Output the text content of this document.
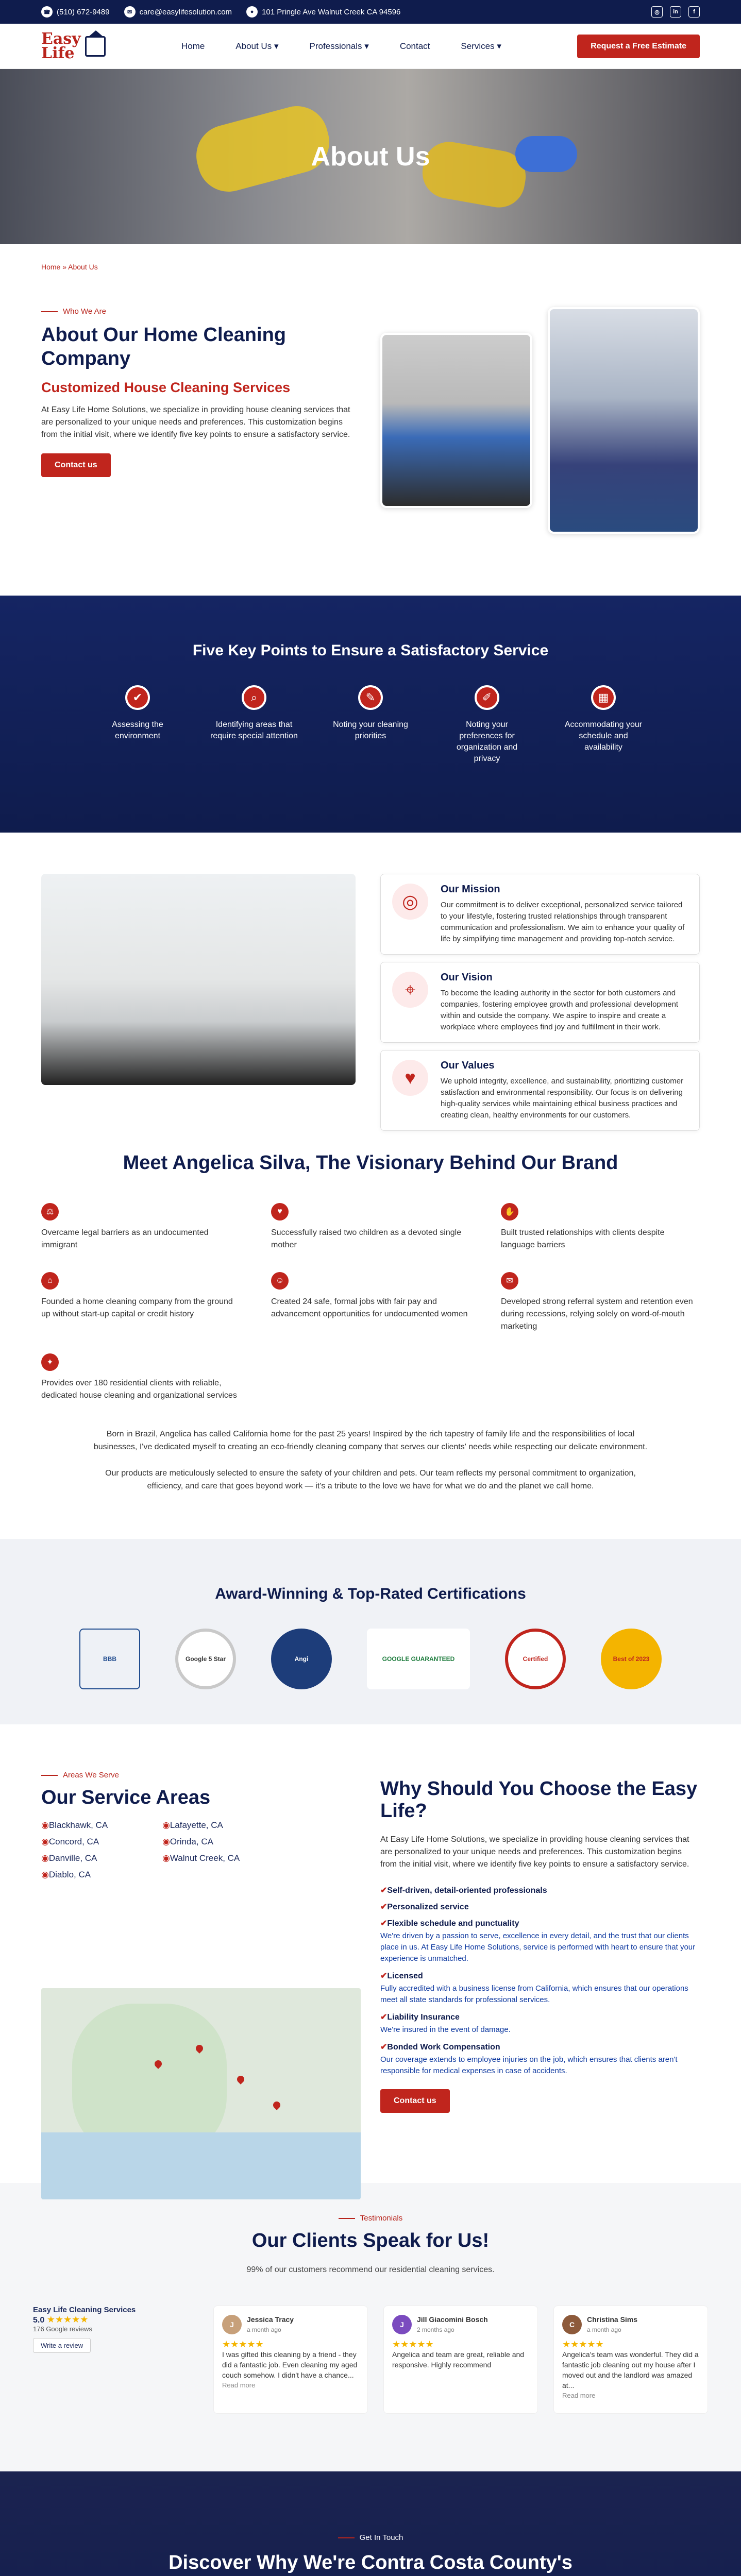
☎ (510) 672-9489	✉ care@easylifesolution.com	●	101 Pringle Ave Walnut Creek CA 94596	◎	in	f
Easy
Life	Home	About Us ▾	Professionals ▾	Contact	Services ▾	Request a Free Estimate
About Us
Home » About Us
Who We Are
About Our Home Cleaning Company
Customized House Cleaning Services

At Easy Life Home Solutions, we specialize in providing house cleaning services that are personalized to your unique needs and preferences. This customization begins from the initial visit, where we identify five key points to ensure a satisfactory service.

Contact us
Five Key Points to Ensure a Satisfactory Service
✔
Assessing the environment
⌕
Identifying areas that require special attention
✎
Noting your cleaning priorities
✐
Noting your preferences for organization and privacy
▦
Accommodating your schedule and availability
◎
Our Mission

Our commitment is to deliver exceptional, personalized service tailored to your lifestyle, fostering trusted relationships through transparent communication and professionalism. We aim to enhance your quality of life by simplifying time management and providing top-notch service.

⌖
Our Vision

To become the leading authority in the sector for both customers and companies, fostering employee growth and professional development within and outside the company. We aspire to inspire and create a workplace where employees find joy and fulfillment in their work.

♥
Our Values

We uphold integrity, excellence, and sustainability, prioritizing customer satisfaction and environmental responsibility. Our focus is on delivering high-quality services while maintaining ethical business practices and creating clean, healthy environments for our customers.

Meet Angelica Silva, The Visionary Behind Our Brand
⚖

Overcame legal barriers as an undocumented immigrant

♥

Successfully raised two children as a devoted single mother

✋

Built trusted relationships with clients despite language barriers

⌂

Founded a home cleaning company from the ground up without start-up capital or credit history

☺

Created 24 safe, formal jobs with fair pay and advancement opportunities for undocumented women

✉

Developed strong referral system and retention even during recessions, relying solely on word-of-mouth marketing

✦

Provides over 180 residential clients with reliable, dedicated house cleaning and organizational services

Born in Brazil, Angelica has called California home for the past 25 years! Inspired by the rich tapestry of family life and the responsibilities of local businesses, I've dedicated myself to creating an eco-friendly cleaning company that serves our clients' needs while respecting our delicate environment.

Our products are meticulously selected to ensure the safety of your children and pets. Our team reflects my personal commitment to organization, efficiency, and care that goes beyond work — it's a tribute to the love we have for what we do and the planet we call home.

Award-Winning & Top-Rated Certifications
BBB	Google 5 Star	Angi	GOOGLE GUARANTEED	Certified	Best of 2023
Areas We Serve
Our Service Areas
◉ Blackhawk, CA	◉ Lafayette, CA
◉ Concord, CA	◉ Orinda, CA
◉ Danville, CA	◉ Walnut Creek, CA
◉ Diablo, CA
Why Should You Choose the Easy Life?

At Easy Life Home Solutions, we specialize in providing house cleaning services that are personalized to your unique needs and preferences. This customization begins from the initial visit, where we identify five key points to ensure a satisfactory service.

✔ Self-driven, detail-oriented professionals
✔ Personalized service
✔ Flexible schedule and punctuality
We're driven by a passion to serve, excellence in every detail, and the trust that our clients place in us. At Easy Life Home Solutions, service is performed with heart to ensure that your experience is unmatched.
✔ Licensed
Fully accredited with a business license from California, which ensures that our operations meet all state standards for professional services.
✔ Liability Insurance
We're insured in the event of damage.
✔ Bonded Work Compensation
Our coverage extends to employee injuries on the job, which ensures that clients aren't responsible for medical expenses in case of accidents.
Contact us
Testimonials
Our Clients Speak for Us!
99% of our customers recommend our residential cleaning services.
Easy Life Cleaning Services
5.0 ★★★★★
176 Google reviews
Write a review
J
Jessica Tracy
a month ago
★★★★★
I was gifted this cleaning by a friend - they did a fantastic job. Even cleaning my aged couch somehow. I didn't have a chance...
Read more
J
Jill Giacomini Bosch
2 months ago
★★★★★
Angelica and team are great, reliable and responsive. Highly recommend
C
Christina Sims
a month ago
★★★★★
Angelica's team was wonderful. They did a fantastic job cleaning out my house after I moved out and the landlord was amazed at...
Read more
Get In Touch
Discover Why We're Contra Costa County's
